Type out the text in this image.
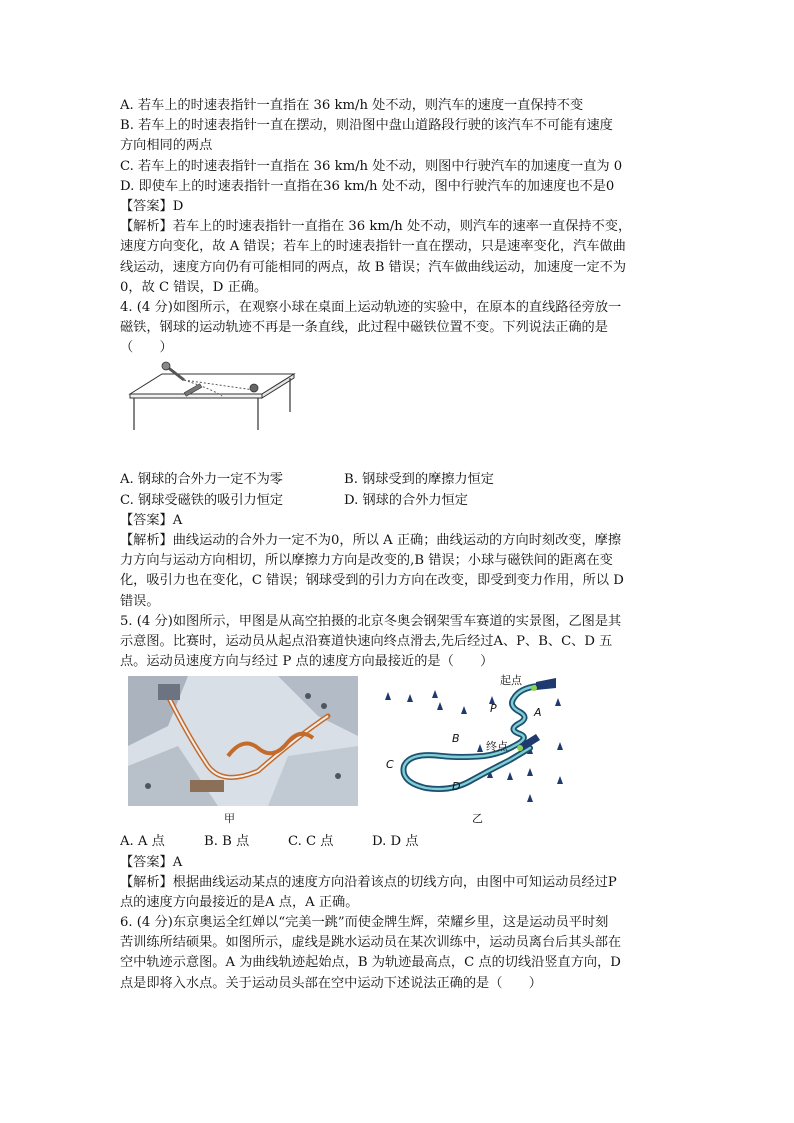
A. 若车上的时速表指针一直指在 36 km/h 处不动，则汽车的速度一直保持不变
B. 若车上的时速表指针一直在摆动，则沿图中盘山道路段行驶的该汽车不可能有速度
方向相同的两点
C. 若车上的时速表指针一直指在 36 km/h 处不动，则图中行驶汽车的加速度一直为 0
D. 即使车上的时速表指针一直指在36 km/h 处不动，图中行驶汽车的加速度也不是0
【答案】D
【解析】若车上的时速表指针一直指在 36 km/h 处不动，则汽车的速率一直保持不变，
速度方向变化，故 A 错误；若车上的时速表指针一直在摆动，只是速率变化，汽车做曲
线运动，速度方向仍有可能相同的两点，故 B 错误；汽车做曲线运动，加速度一定不为
0，故 C 错误，D 正确。
4. (4 分)如图所示，在观察小球在桌面上运动轨迹的实验中，在原本的直线路径旁放一
磁铁，钢球的运动轨迹不再是一条直线，此过程中磁铁位置不变。下列说法正确的是
（　　）
A. 钢球的合外力一定不为零	B. 钢球受到的摩擦力恒定
C. 钢球受磁铁的吸引力恒定	D. 钢球的合外力恒定
【答案】A
【解析】曲线运动的合外力一定不为0，所以 A 正确；曲线运动的方向时刻改变，摩擦
力方向与运动方向相切，所以摩擦力方向是改变的,B 错误；小球与磁铁间的距离在变
化，吸引力也在变化，C 错误；钢球受到的引力方向在改变，即受到变力作用，所以 D
错误。
5. (4 分)如图所示，甲图是从高空拍摄的北京冬奥会钢架雪车赛道的实景图，乙图是其
示意图。比赛时，运动员从起点沿赛道快速向终点滑去,先后经过A、P、B、C、D 五
点。运动员速度方向与经过 P 点的速度方向最接近的是（　　）
甲
起点
终点
P	A
B
C
D
乙
A. A 点	B. B 点	C. C 点	D. D 点
【答案】A
【解析】根据曲线运动某点的速度方向沿着该点的切线方向，由图中可知运动员经过P
点的速度方向最接近的是A 点，A 正确。
6. (4 分)东京奥运全红婵以“完美一跳”而使金牌生辉，荣耀乡里，这是运动员平时刻
苦训练所结硕果。如图所示，虚线是跳水运动员在某次训练中，运动员离台后其头部在
空中轨迹示意图。A 为曲线轨迹起始点，B 为轨迹最高点，C 点的切线沿竖直方向，D
点是即将入水点。关于运动员头部在空中运动下述说法正确的是（　　）
